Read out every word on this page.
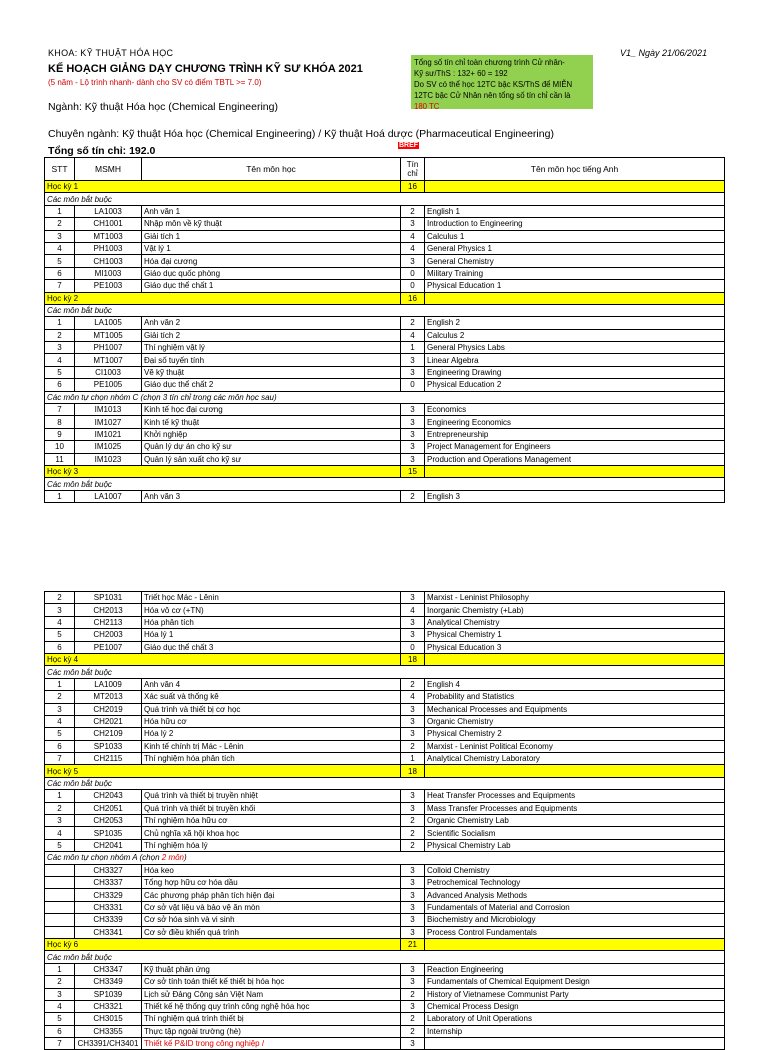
KHOA: KỸ THUẬT HÓA HỌC	V1_ Ngày 21/06/2021
KẾ HOẠCH GIẢNG DẠY CHƯƠNG TRÌNH KỸ SƯ KHÓA 2021
(5 năm - Lộ trình nhanh- dành cho SV có điểm TBTL >= 7.0)
Ngành: Kỹ thuật Hóa học (Chemical Engineering)
Chuyên ngành: Kỹ thuật Hóa học (Chemical Engineering) / Kỹ thuật Hoá dược (Pharmaceutical Engineering)
Tổng số tín chỉ: 192.0
Tổng số tín chỉ toàn chương trình Cử nhân-
Kỹ sư/ThS : 132+ 60 = 192
Do SV có thể học 12TC bậc KS/ThS để MIỄN
12TC bậc Cử Nhân nên tổng số tín chỉ cần là
180 TC
BREF
STT	MSMH	Tên môn học	Tín chỉ	Tên môn học tiếng Anh
Học kỳ 1			16	
Các môn bắt buộc				
1	LA1003	Anh văn 1	2	English 1
2	CH1001	Nhập môn về kỹ thuật	3	Introduction to Engineering
3	MT1003	Giải tích 1	4	Calculus 1
4	PH1003	Vật lý 1	4	General Physics 1
5	CH1003	Hóa đại cương	3	General Chemistry
6	MI1003	Giáo dục quốc phòng	0	Military Training
7	PE1003	Giáo dục thể chất 1	0	Physical Education 1
Học kỳ 2			16	
Các môn bắt buộc				
1	LA1005	Anh văn 2	2	English 2
2	MT1005	Giải tích 2	4	Calculus 2
3	PH1007	Thí nghiệm vật lý	1	General Physics Labs
4	MT1007	Đại số tuyến tính	3	Linear Algebra
5	CI1003	Vẽ kỹ thuật	3	Engineering Drawing
6	PE1005	Giáo dục thể chất 2	0	Physical Education 2
Các môn tự chọn nhóm C (chọn 3 tín chỉ trong các môn học sau)				
7	IM1013	Kinh tế học đại cương	3	Economics
8	IM1027	Kinh tế kỹ thuật	3	Engineering Economics
9	IM1021	Khởi nghiệp	3	Entrepreneurship
10	IM1025	Quản lý dự án cho kỹ sư	3	Project Management for Engineers
11	IM1023	Quản lý sản xuất cho kỹ sư	3	Production and Operations Management
Học kỳ 3			15	
Các môn bắt buộc				
1	LA1007	Anh văn 3	2	English 3
2	SP1031	Triết học Mác - Lênin	3	Marxist - Leninist Philosophy
3	CH2013	Hóa vô cơ (+TN)	4	Inorganic Chemistry (+Lab)
4	CH2113	Hóa phân tích	3	Analytical Chemistry
5	CH2003	Hóa lý 1	3	Physical Chemistry 1
6	PE1007	Giáo dục thể chất 3	0	Physical Education 3
Học kỳ 4			18	
Các môn bắt buộc				
1	LA1009	Anh văn 4	2	English 4
2	MT2013	Xác suất và thống kê	4	Probability and Statistics
3	CH2019	Quá trình và thiết bị cơ học	3	Mechanical Processes and Equipments
4	CH2021	Hóa hữu cơ	3	Organic Chemistry
5	CH2109	Hóa lý 2	3	Physical Chemistry 2
6	SP1033	Kinh tế chính trị Mác - Lênin	2	Marxist - Leninist Political Economy
7	CH2115	Thí nghiệm hóa phân tích	1	Analytical Chemistry Laboratory
Học kỳ 5			18	
Các môn bắt buộc				
1	CH2043	Quá trình và thiết bị truyền nhiệt	3	Heat Transfer Processes and Equipments
2	CH2051	Quá trình và thiết bị truyền khối	3	Mass Transfer Processes and Equipments
3	CH2053	Thí nghiệm hóa hữu cơ	2	Organic Chemistry Lab
4	SP1035	Chủ nghĩa xã hội khoa học	2	Scientific Socialism
5	CH2041	Thí nghiệm hóa lý	2	Physical Chemistry Lab
Các môn tự chọn nhóm A (chọn 2 môn)				
	CH3327	Hóa keo	3	Colloid Chemistry
	CH3337	Tổng hợp hữu cơ hóa dầu	3	Petrochemical Technology
	CH3329	Các phương pháp phân tích hiện đại	3	Advanced Analysis Methods
	CH3331	Cơ sở vật liệu và bảo vệ ăn mòn	3	Fundamentals of Material and Corrosion
	CH3339	Cơ sở hóa sinh và vi sinh	3	Biochemistry and Microbiology
	CH3341	Cơ sở điều khiển quá trình	3	Process Control Fundamentals
Học kỳ 6			21	
Các môn bắt buộc				
1	CH3347	Kỹ thuật phản ứng	3	Reaction Engineering
2	CH3349	Cơ sở tính toán thiết kế thiết bị hóa học	3	Fundamentals of Chemical Equipment Design
3	SP1039	Lịch sử Đảng Cộng sản Việt Nam	2	History of Vietnamese Communist Party
4	CH3321	Thiết kế hệ thống quy trình công nghệ hóa học	3	Chemical Process Design
5	CH3015	Thí nghiệm quá trình thiết bị	2	Laboratory of Unit Operations
6	CH3355	Thực tập ngoài trường (hè)	2	Internship
7	CH3391/CH3401	Thiết kế P&ID trong công nghiệp /	3	
